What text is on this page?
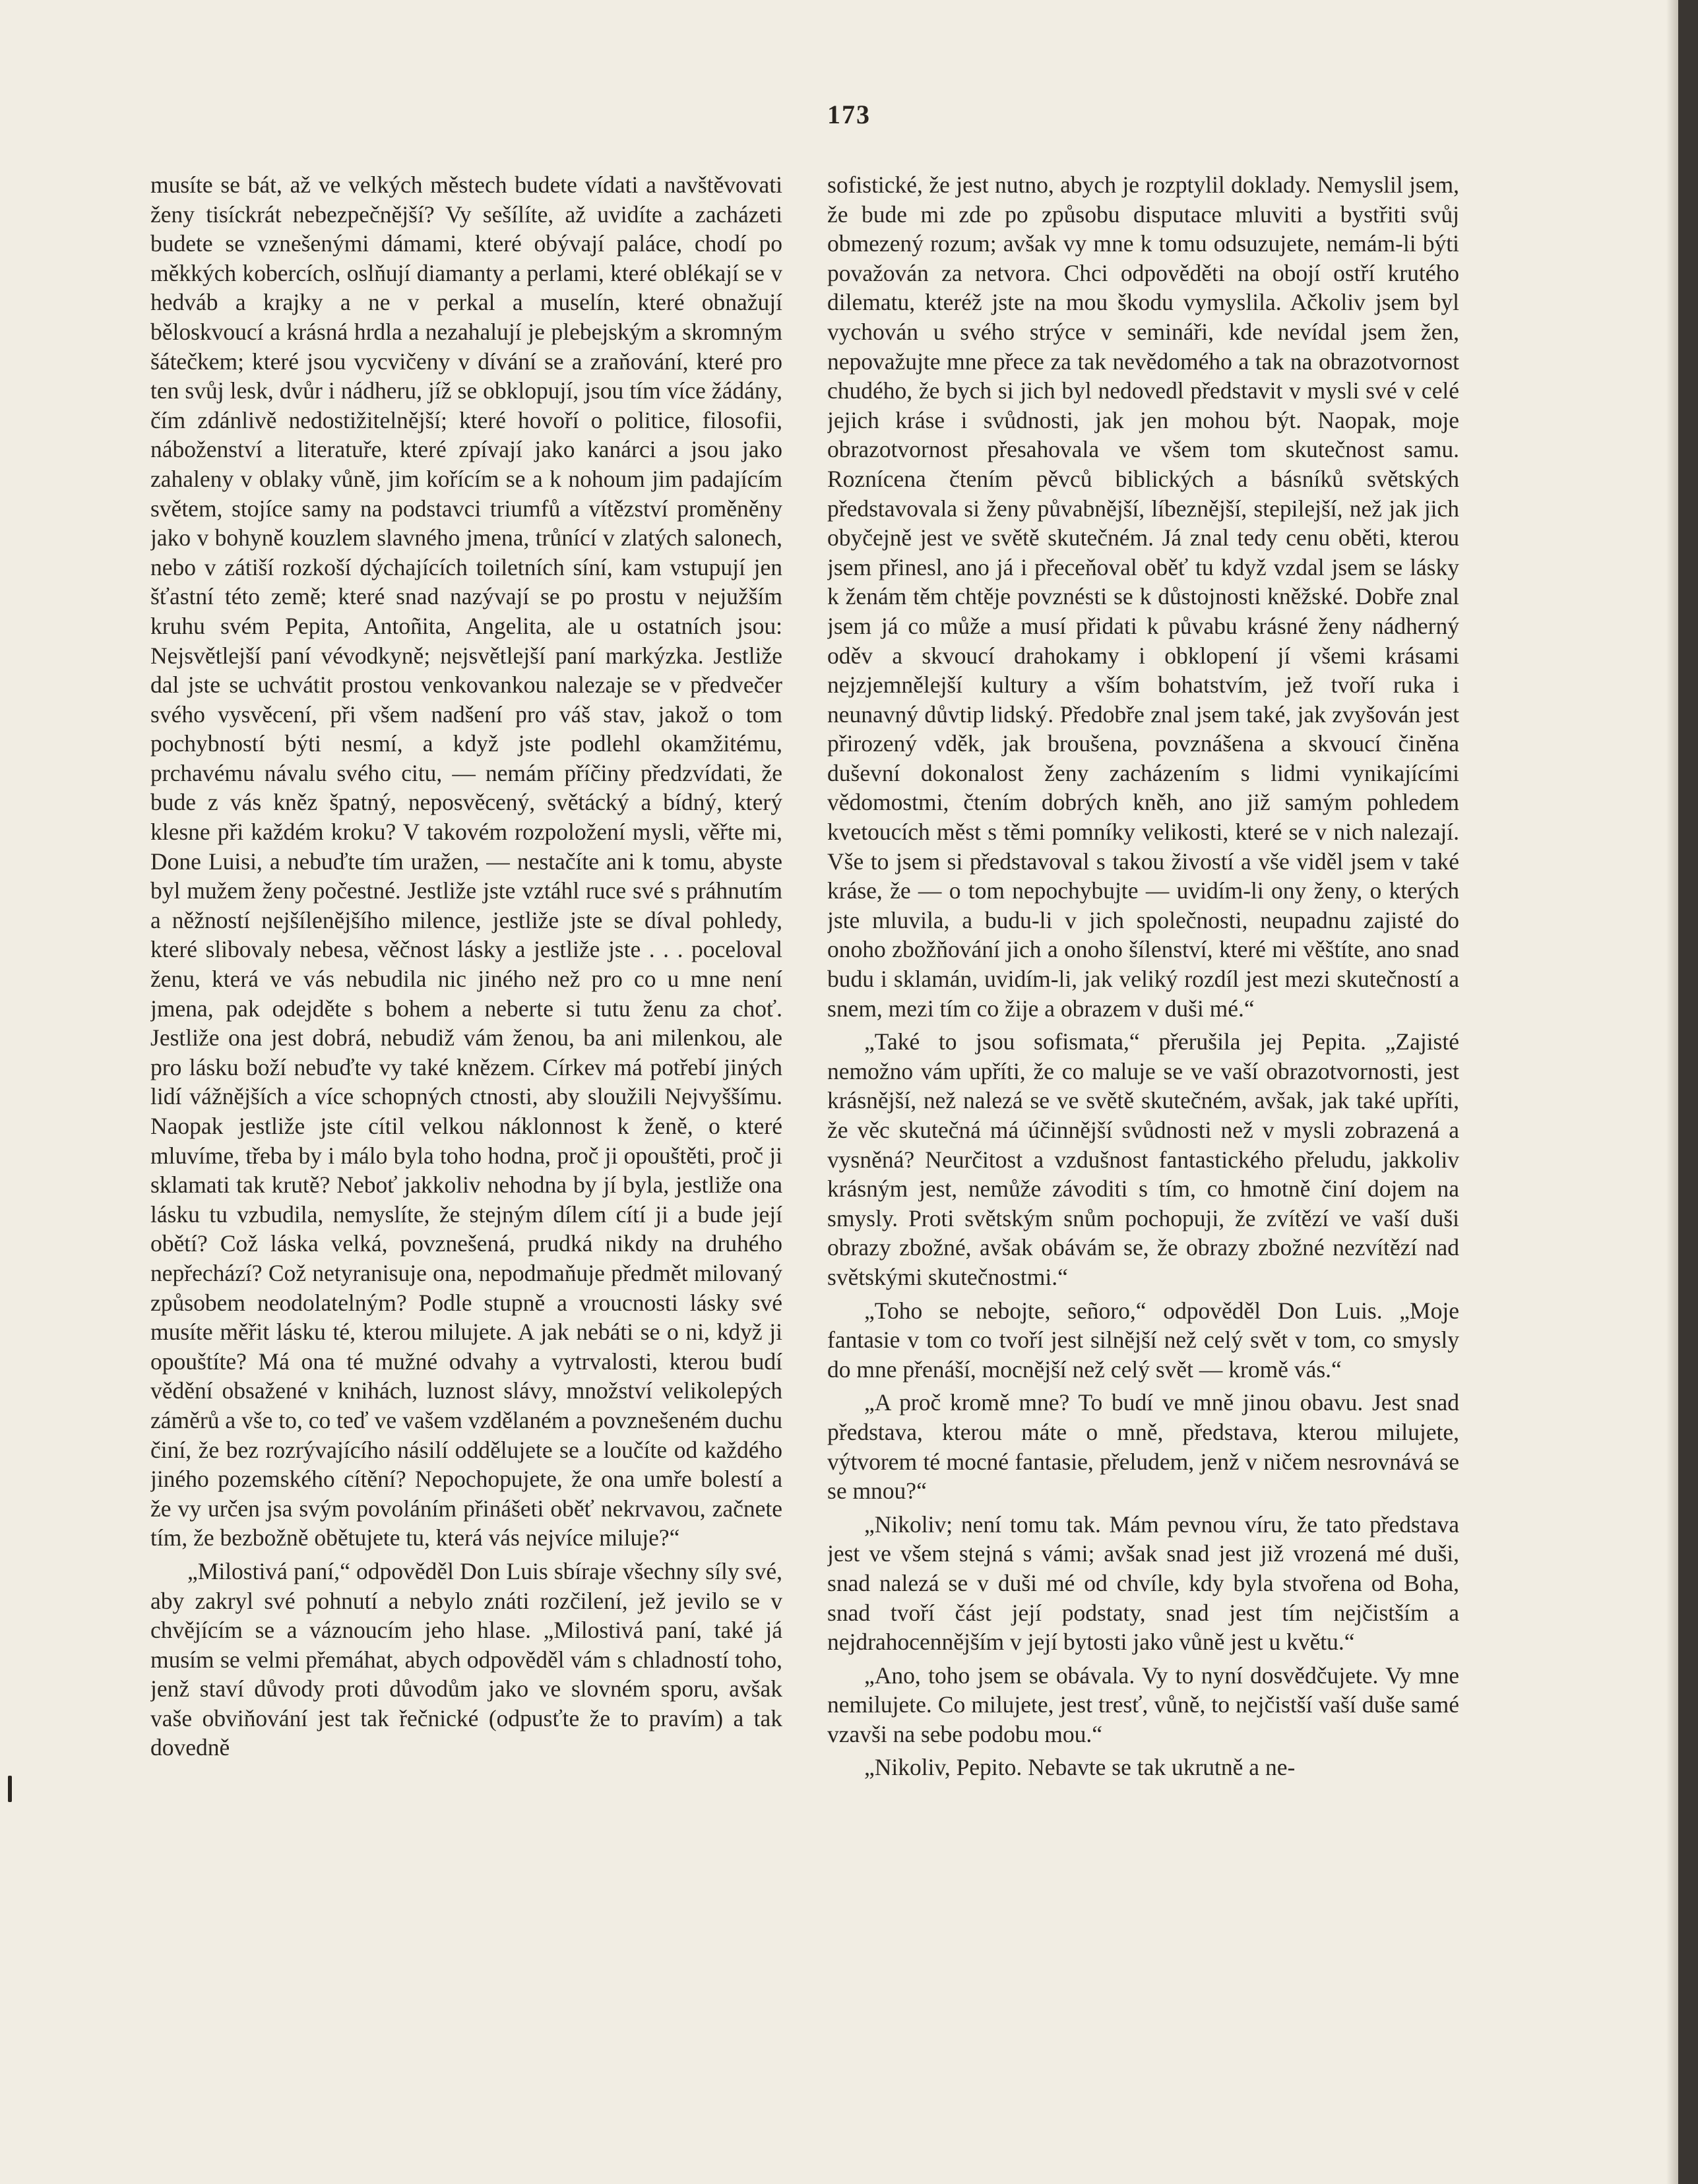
173

musíte se bát, až ve velkých městech budete vídati a navštěvovati ženy tisíckrát nebezpečnější? Vy sešílíte, až uvidíte a zacházeti budete se vznešenými dámami, které obývají paláce, chodí po měkkých kobercích, oslňují diamanty a perlami, které oblékají se v hedváb a krajky a ne v perkal a muselín, které obnažují běloskvoucí a krásná hrdla a nezahalují je plebejským a skromným šátečkem; které jsou vycvičeny v dívání se a zraňování, které pro ten svůj lesk, dvůr i nádheru, jíž se obklopují, jsou tím více žádány, čím zdánlivě nedostižitelnější; které hovoří o politice, filosofii, náboženství a literatuře, které zpívají jako kanárci a jsou jako zahaleny v oblaky vůně, jim kořícím se a k nohoum jim padajícím světem, stojíce samy na podstavci triumfů a vítězství proměněny jako v bohyně kouzlem slavného jmena, trůnící v zlatých salonech, nebo v zátiší rozkoší dýchajících toiletních síní, kam vstupují jen šťastní této země; které snad nazývají se po prostu v nejužším kruhu svém Pepita, Antoñita, Angelita, ale u ostatních jsou: Nejsvětlejší paní vévodkyně; nejsvětlejší paní markýzka. Jestliže dal jste se uchvátit prostou venkovankou nalezaje se v předvečer svého vysvěcení, při všem nadšení pro váš stav, jakož o tom pochybností býti nesmí, a když jste podlehl okamžitému, prchavému návalu svého citu, — nemám příčiny předzvídati, že bude z vás kněz špatný, neposvěcený, světácký a bídný, který klesne při každém kroku? V takovém rozpoložení mysli, věřte mi, Done Luisi, a nebuďte tím uražen, — nestačíte ani k tomu, abyste byl mužem ženy počestné. Jestliže jste vztáhl ruce své s práhnutím a něžností nejšílenějšího milence, jestliže jste se díval pohledy, které slibovaly nebesa, věčnost lásky a jestliže jste . . . poceloval ženu, která ve vás nebudila nic jiného než pro co u mne není jmena, pak odejděte s bohem a neberte si tutu ženu za choť. Jestliže ona jest dobrá, nebudiž vám ženou, ba ani milenkou, ale pro lásku boží nebuďte vy také knězem. Církev má potřebí jiných lidí vážnějších a více schopných ctnosti, aby sloužili Nejvyššímu. Naopak jestliže jste cítil velkou náklonnost k ženě, o které mluvíme, třeba by i málo byla toho hodna, proč ji opouštěti, proč ji sklamati tak krutě? Neboť jakkoliv nehodna by jí byla, jestliže ona lásku tu vzbudila, nemyslíte, že stejným dílem cítí ji a bude její obětí? Což láska velká, povznešená, prudká nikdy na druhého nepřechází? Což netyranisuje ona, nepodmaňuje předmět milovaný způsobem neodolatelným? Podle stupně a vroucnosti lásky své musíte měřit lásku té, kterou milujete. A jak nebáti se o ni, když ji opouštíte? Má ona té mužné odvahy a vytrvalosti, kterou budí vědění obsažené v knihách, luznost slávy, množství velikolepých záměrů a vše to, co teď ve vašem vzdělaném a povznešeném duchu činí, že bez rozrývajícího násilí oddělujete se a loučíte od každého jiného pozemského cítění? Nepochopujete, že ona umře bolestí a že vy určen jsa svým povoláním přinášeti oběť nekrvavou, začnete tím, že bezbožně obětujete tu, která vás nejvíce miluje?“

„Milostivá paní,“ odpověděl Don Luis sbíraje všechny síly své, aby zakryl své pohnutí a nebylo znáti rozčilení, jež jevilo se v chvějícím se a váznoucím jeho hlase. „Milostivá paní, také já musím se velmi přemáhat, abych odpověděl vám s chladností toho, jenž staví důvody proti důvodům jako ve slovném sporu, avšak vaše obviňování jest tak řečnické (odpusťte že to pravím) a tak dovedně

sofistické, že jest nutno, abych je rozptylil doklady. Nemyslil jsem, že bude mi zde po způsobu disputace mluviti a bystřiti svůj obmezený rozum; avšak vy mne k tomu odsuzujete, nemám-li býti považován za netvora. Chci odpověděti na obojí ostří krutého dilematu, kteréž jste na mou škodu vymyslila. Ačkoliv jsem byl vychován u svého strýce v semináři, kde nevídal jsem žen, nepovažujte mne přece za tak nevědomého a tak na obrazotvornost chudého, že bych si jich byl nedovedl představit v mysli své v celé jejich kráse i svůdnosti, jak jen mohou být. Naopak, moje obrazotvornost přesahovala ve všem tom skutečnost samu. Roznícena čtením pěvců biblických a básníků světských představovala si ženy půvabnější, líbeznější, stepilejší, než jak jich obyčejně jest ve světě skutečném. Já znal tedy cenu oběti, kterou jsem přinesl, ano já i přeceňoval oběť tu když vzdal jsem se lásky k ženám těm chtěje povznésti se k důstojnosti kněžské. Dobře znal jsem já co může a musí přidati k půvabu krásné ženy nádherný oděv a skvoucí drahokamy i obklopení jí všemi krásami nejzjemnělejší kultury a vším bohatstvím, jež tvoří ruka i neunavný důvtip lidský. Předobře znal jsem také, jak zvyšován jest přirozený vděk, jak broušena, povznášena a skvoucí činěna duševní dokonalost ženy zacházením s lidmi vynikajícími vědomostmi, čtením dobrých kněh, ano již samým pohledem kvetoucích měst s těmi pomníky velikosti, které se v nich nalezají. Vše to jsem si představoval s takou živostí a vše viděl jsem v také kráse, že — o tom nepochybujte — uvidím-li ony ženy, o kterých jste mluvila, a budu-li v jich společnosti, neupadnu zajisté do onoho zbožňování jich a onoho šílenství, které mi věštíte, ano snad budu i sklamán, uvidím-li, jak veliký rozdíl jest mezi skutečností a snem, mezi tím co žije a obrazem v duši mé.“

„Také to jsou sofismata,“ přerušila jej Pepita. „Zajisté nemožno vám upříti, že co maluje se ve vaší obrazotvornosti, jest krásnější, než nalezá se ve světě skutečném, avšak, jak také upříti, že věc skutečná má účinnější svůdnosti než v mysli zobrazená a vysněná? Neurčitost a vzdušnost fantastického přeludu, jakkoliv krásným jest, nemůže závoditi s tím, co hmotně činí dojem na smysly. Proti světským snům pochopuji, že zvítězí ve vaší duši obrazy zbožné, avšak obávám se, že obrazy zbožné nezvítězí nad světskými skutečnostmi.“

„Toho se nebojte, señoro,“ odpověděl Don Luis. „Moje fantasie v tom co tvoří jest silnější než celý svět v tom, co smysly do mne přenáší, mocnější než celý svět — kromě vás.“

„A proč kromě mne? To budí ve mně jinou obavu. Jest snad představa, kterou máte o mně, představa, kterou milujete, výtvorem té mocné fantasie, přeludem, jenž v ničem nesrovnává se se mnou?“

„Nikoliv; není tomu tak. Mám pevnou víru, že tato představa jest ve všem stejná s vámi; avšak snad jest již vrozená mé duši, snad nalezá se v duši mé od chvíle, kdy byla stvořena od Boha, snad tvoří část její podstaty, snad jest tím nejčistším a nejdrahocennějším v její bytosti jako vůně jest u květu.“

„Ano, toho jsem se obávala. Vy to nyní dosvědčujete. Vy mne nemilujete. Co milujete, jest tresť, vůně, to nejčistší vaší duše samé vzavši na sebe podobu mou.“

„Nikoliv, Pepito. Nebavte se tak ukrutně a ne-
